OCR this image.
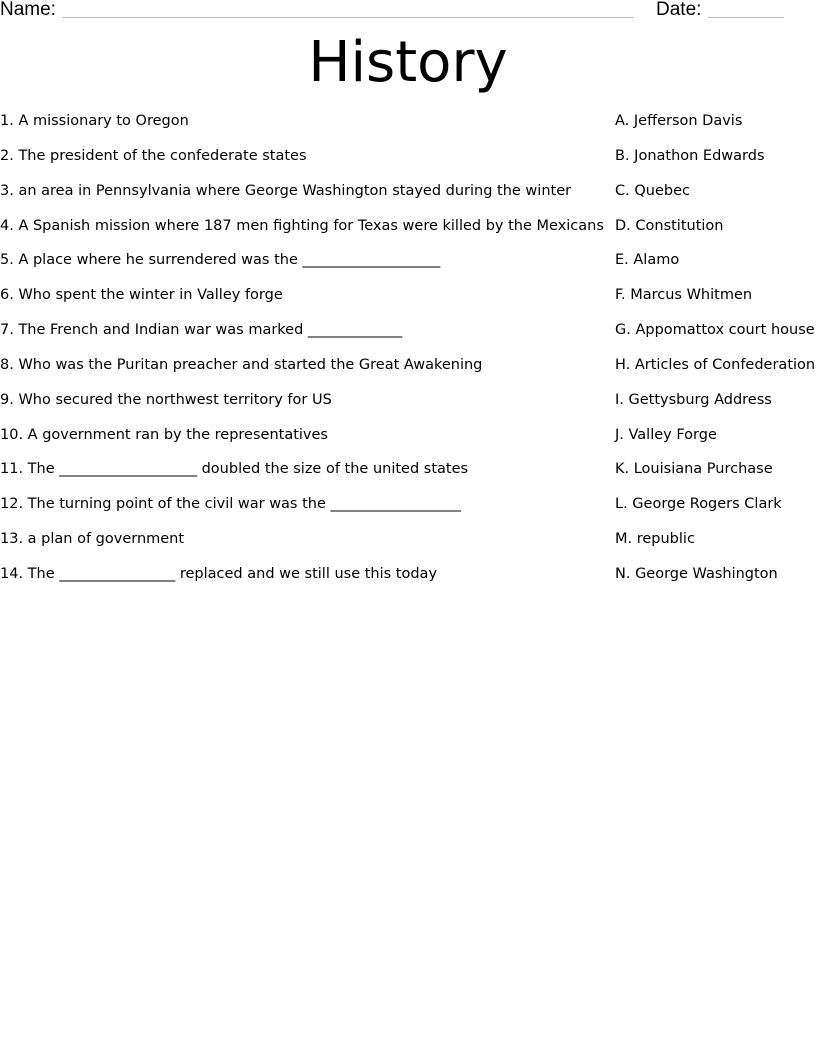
Name:	Date:
History
1. A missionary to Oregon
2. The president of the confederate states
3. an area in Pennsylvania where George Washington stayed during the winter
4. A Spanish mission where 187 men fighting for Texas were killed by the Mexicans
5. A place where he surrendered was the ___________________
6. Who spent the winter in Valley forge
7. The French and Indian war was marked _____________
8. Who was the Puritan preacher and started the Great Awakening
9. Who secured the northwest territory for US
10. A government ran by the representatives
11. The ___________________ doubled the size of the united states
12. The turning point of the civil war was the __________________
13. a plan of government
14. The ________________ replaced and we still use this today
A. Jefferson Davis
B. Jonathon Edwards
C. Quebec
D. Constitution
E. Alamo
F. Marcus Whitmen
G. Appomattox court house
H. Articles of Confederation
I. Gettysburg Address
J. Valley Forge
K. Louisiana Purchase
L. George Rogers Clark
M. republic
N. George Washington
